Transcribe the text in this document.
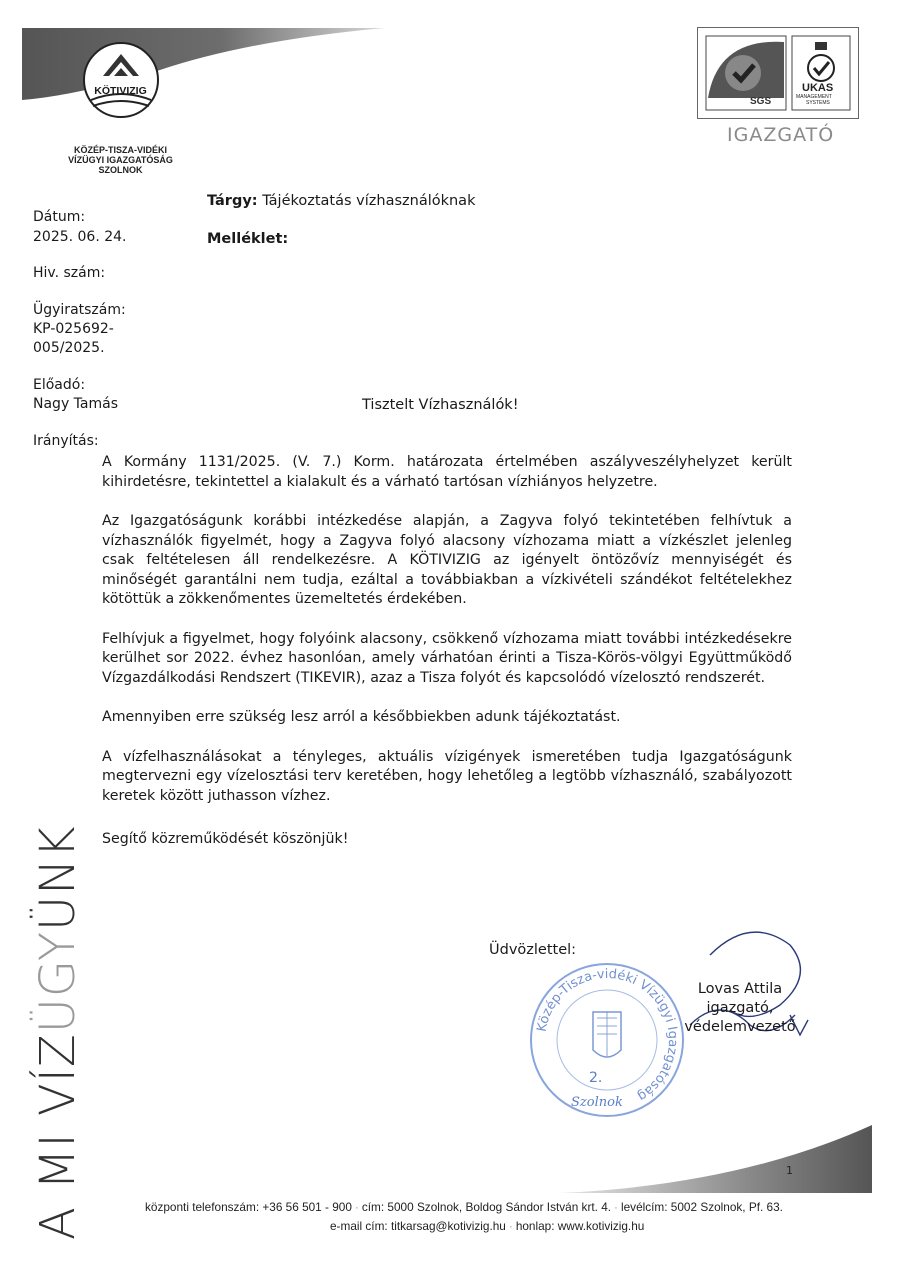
KÖTIVIZIG
KÖZÉP-TISZA-VIDÉKI
VÍZÜGYI IGAZGATÓSÁG
SZOLNOK
SGS
UKAS
MANAGEMENT
SYSTEMS
IGAZGATÓ
Dátum:
2025. 06. 24.
Hiv. szám:
Ügyiratszám:
KP-025692-
005/2025.
Előadó:
Nagy Tamás
Irányítás:
Tárgy: Tájékoztatás vízhasználóknak
Melléklet:
Tisztelt Vízhasználók!

A Kormány 1131/2025. (V. 7.) Korm. határozata értelmében aszályveszélyhelyzet került kihirdetésre, tekintettel a kialakult és a várható tartósan vízhiányos helyzetre.

Az Igazgatóságunk korábbi intézkedése alapján, a Zagyva folyó tekintetében felhívtuk a vízhasználók figyelmét, hogy a Zagyva folyó alacsony vízhozama miatt a vízkészlet jelenleg csak feltételesen áll rendelkezésre. A KÖTIVIZIG az igényelt öntözővíz mennyiségét és minőségét garantálni nem tudja, ezáltal a továbbiakban a vízkivételi szándékot feltételekhez kötöttük a zökkenőmentes üzemeltetés érdekében.

Felhívjuk a figyelmet, hogy folyóink alacsony, csökkenő vízhozama miatt további intézkedésekre kerülhet sor 2022. évhez hasonlóan, amely várhatóan érinti a Tisza-Körös-völgyi Együttműködő Vízgazdálkodási Rendszert (TIKEVIR), azaz a Tisza folyót és kapcsolódó vízelosztó rendszerét.

Amennyiben erre szükség lesz arról a későbbiekben adunk tájékoztatást.

A vízfelhasználásokat a tényleges, aktuális vízigények ismeretében tudja Igazgatóságunk megtervezni egy vízelosztási terv keretében, hogy lehetőleg a legtöbb vízhasználó, szabályozott keretek között juthasson vízhez.

Segítő közreműködését köszönjük!

Üdvözlettel:
Közép-Tisza-vidéki Vízügyi Igazgatóság
2.
Szolnok
Lovas Attila
igazgató,
védelemvezető
A MI VÍZÜGYÜNK
1
központi telefonszám: +36 56 501 - 900 · cím: 5000 Szolnok, Boldog Sándor István krt. 4. · levélcím: 5002 Szolnok, Pf. 63.
e-mail cím: titkarsag@kotivizig.hu · honlap: www.kotivizig.hu
